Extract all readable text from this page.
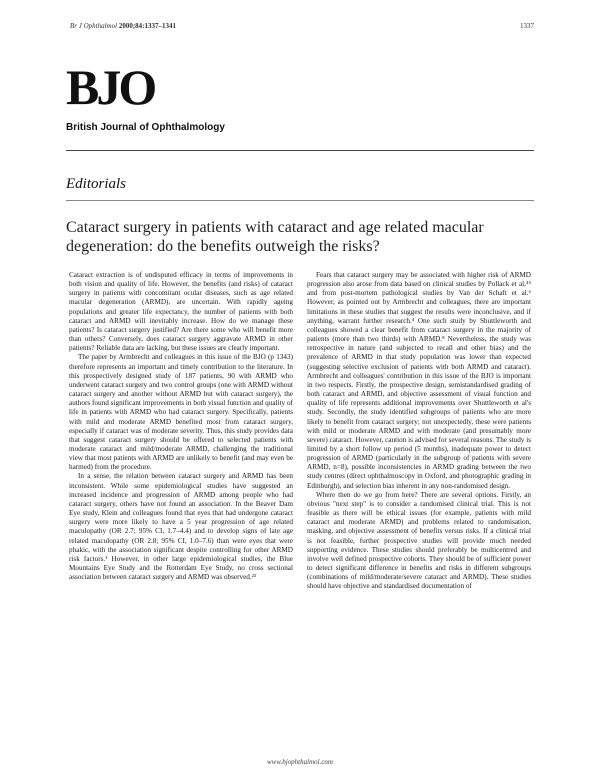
Br J Ophthalmol 2000;84:1337–1341	1337
BJO
British Journal of Ophthalmology
Editorials
Cataract surgery in patients with cataract and age related macular degeneration: do the benefits outweigh the risks?

Cataract extraction is of undisputed efficacy in terms of improvements in both vision and quality of life. However, the benefits (and risks) of cataract surgery in patients with concomitant ocular diseases, such as age related macular degeneration (ARMD), are uncertain. With rapidly ageing populations and greater life expectancy, the number of patients with both cataract and ARMD will inevitably increase. How do we manage these patients? Is cataract surgery justified? Are there some who will benefit more than others? Conversely, does cataract surgery aggravate ARMD in other patients? Reliable data are lacking, but these issues are clearly important.

The paper by Armbrecht and colleagues in this issue of the BJO (p 1343) therefore represents an important and timely contribution to the literature. In this prospectively designed study of 187 patients, 90 with ARMD who underwent cataract surgery and two control groups (one with ARMD without cataract surgery and another without ARMD but with cataract surgery), the authors found significant improvements in both visual function and quality of life in patients with ARMD who had cataract surgery. Specifically, patients with mild and moderate ARMD benefited most from cataract surgery, especially if cataract was of moderate severity. Thus, this study provides data that suggest cataract surgery should be offered to selected patients with moderate cataract and mild/moderate ARMD, challenging the traditional view that most patients with ARMD are unlikely to benefit (and may even be harmed) from the procedure.

In a sense, the relation between cataract surgery and ARMD has been inconsistent. While some epidemiological studies have suggested an increased incidence and progression of ARMD among people who had cataract surgery, others have not found an association. In the Beaver Dam Eye study, Klein and colleagues found that eyes that had undergone cataract surgery were more likely to have a 5 year progression of age related maculopathy (OR 2.7; 95% CI, 1.7–4.4) and to develop signs of late age related maculopathy (OR 2.8; 95% CI, 1.0–7.6) than were eyes that were phakic, with the association significant despite controlling for other ARMD risk factors.¹ However, in other large epidemiological studies, the Blue Mountains Eye Study and the Rotterdam Eye Study, no cross sectional association between cataract surgery and ARMD was observed.²³

Fears that cataract surgery may be associated with higher risk of ARMD progression also arose from data based on clinical studies by Pollack et al,⁴⁵ and from post-mortem pathological studies by Van der Schaft et al.⁶ However, as pointed out by Armbrecht and colleagues, there are important limitations in these studies that suggest the results were inconclusive, and if anything, warrant further research.⁴ One such study by Shuttleworth and colleagues showed a clear benefit from cataract surgery in the majority of patients (more than two thirds) with ARMD.⁸ Nevertheless, the study was retrospective in nature (and subjected to recall and other bias) and the prevalence of ARMD in that study population was lower than expected (suggesting selective exclusion of patients with both ARMD and cataract). Armbrecht and colleagues' contribution in this issue of the BJO is important in two respects. Firstly, the prospective design, semistandardised grading of both cataract and ARMD, and objective assessment of visual function and quality of life represents additional improvements over Shuttleworth et al's study. Secondly, the study identified subgroups of patients who are more likely to benefit from cataract surgery; not unexpectedly, these were patients with mild or moderate ARMD and with moderate (and presumably more severe) cataract. However, caution is advised for several reasons. The study is limited by a short follow up period (5 months), inadequate power to detect progression of ARMD (particularly in the subgroup of patients with severe ARMD, n=8), possible inconsistencies in ARMD grading between the two study centres (direct ophthalmoscopy in Oxford, and photographic grading in Edinburgh), and selection bias inherent in any non-randomised design.

Where then do we go from here? There are several options. Firstly, an obvious "next step" is to consider a randomised clinical trial. This is not feasible as there will be ethical issues (for example, patients with mild cataract and moderate ARMD) and problems related to randomisation, masking, and objective assessment of benefits versus risks. If a clinical trial is not feasible, further prospective studies will provide much needed supporting evidence. These studies should preferably be multicentred and involve well defined prospective cohorts. They should be of sufficient power to detect significant difference in benefits and risks in different subgroups (combinations of mild/moderate/severe cataract and ARMD). These studies should have objective and standardised documentation of

www.bjophthalmol.com
